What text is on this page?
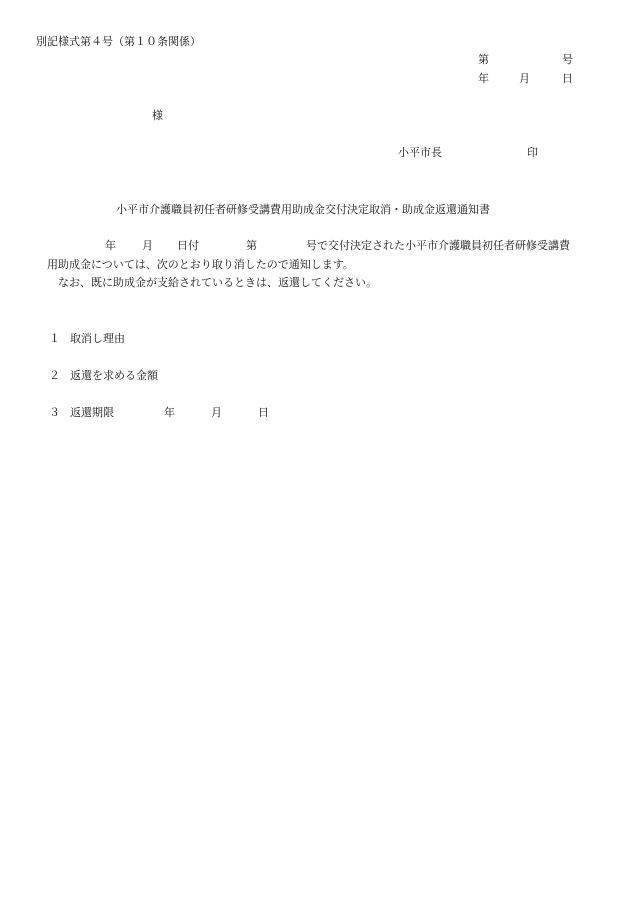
別記様式第４号（第１０条関係）
第	号
年	月	日
様
小平市長	印
小平市介護職員初任者研修受講費用助成金交付決定取消・助成金返還通知書
年 月 日付	第	号で交付決定された小平市介護職員初任者研修受講費
用助成金については、次のとおり取り消したので通知します。
なお、既に助成金が支給されているときは、返還してください。
１ 取消し理由
２ 返還を求める金額
３ 返還期限	年	月	日
